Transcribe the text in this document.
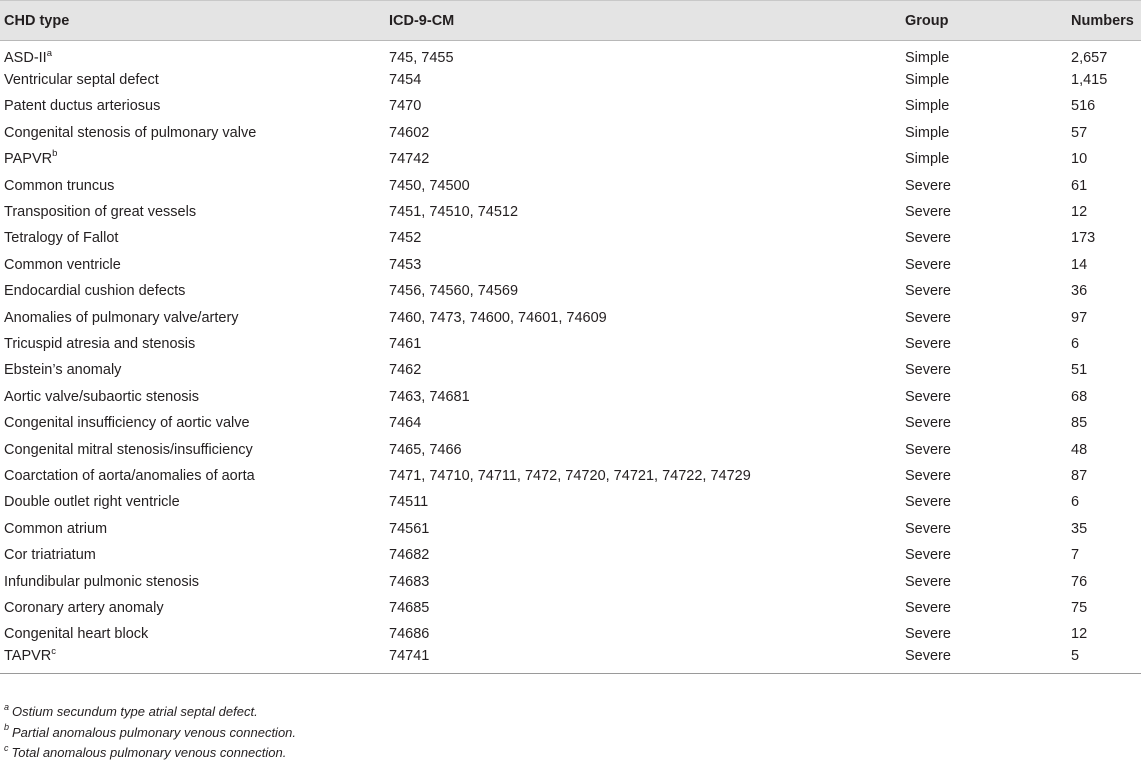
CHD type	ICD-9-CM	Group	Numbers
ASD-$II^a$	745, 7455	Simple	2,657
Ventricular septal defect	7454	Simple	1,415
Patent ductus arteriosus	7470	Simple	516
Congenital stenosis of pulmonary valve	74602	Simple	57
PAPVR$^b$	74742	Simple	10
Common truncus	7450, 74500	Severe	61
Transposition of great vessels	7451, 74510, 74512	Severe	12
Tetralogy of Fallot	7452	Severe	173
Common ventricle	7453	Severe	14
Endocardial cushion defects	7456, 74560, 74569	Severe	36
Anomalies of pulmonary valve/artery	7460, 7473, 74600, 74601, 74609	Severe	97
Tricuspid atresia and stenosis	7461	Severe	6
Ebstein’s anomaly	7462	Severe	51
Aortic valve/subaortic stenosis	7463, 74681	Severe	68
Congenital insufficiency of aortic valve	7464	Severe	85
Congenital mitral stenosis/insufficiency	7465, 7466	Severe	48
Coarctation of aorta/anomalies of aorta	7471, 74710, 74711, 7472, 74720, 74721, 74722, 74729	Severe	87
Double outlet right ventricle	74511	Severe	6
Common atrium	74561	Severe	35
Cor triatriatum	74682	Severe	7
Infundibular pulmonic stenosis	74683	Severe	76
Coronary artery anomaly	74685	Severe	75
Congenital heart block	74686	Severe	12
TAPVR$^c$	74741	Severe	5
$^a$ Ostium secundum type atrial septal defect.
$^b$ Partial anomalous pulmonary venous connection.
$^c$ Total anomalous pulmonary venous connection.
